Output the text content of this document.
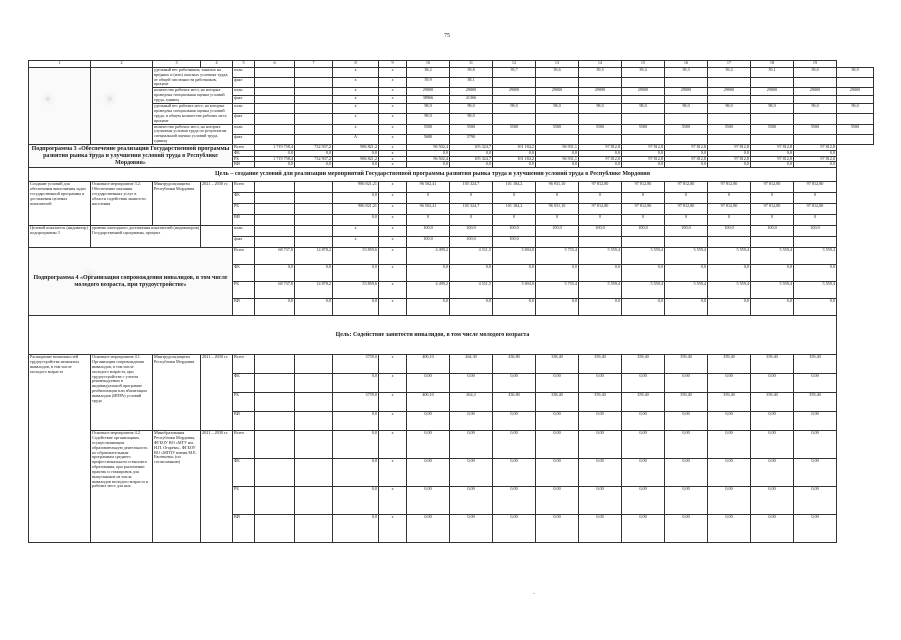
75
1	2	3	4	5	6	7	8	9	10	11	12	13	14	15	16	17	18	19	
		удельный вес работников, занятых на вредных и (или) опасных условиях труда, от общей численности работников, процент		план			x	x	38,2	39,8	39,7	39,6	39,5	39,4	39,3	39,2	39,1	39,0	38,9
				факт			x	x	39,9	38,1									
		количество рабочих мест, на которых проведена специальная оценка условий труда, единиц		план			x	x	29000	29000	29000	29000	29000	29000	29000	29000	29000	29000	29000
				факт			x	x	38966	41366									
		удельный вес рабочих мест, на которых проведена специальная оценка условий труда, в общем количестве рабочих мест, процент		план			x	x	98,0	98,0	98,0	98,0	98,0	98,0	98,0	98,0	98,0	98,0	98,0
				факт			x	x	98,0	98,0									
		количество рабочих мест, на которых улучшены условия труда по результатам специальной оценки условий труда, единиц		план			x	x	5500	5500	5500	5500	5500	5500	5500	5500	5500	5500	5500
				факт			A	x	5680	5790									
Подпрограмма 3 «Обеспечение реализации Государственной программы развития рынка труда и улучшения условий труда в Республике Мордовия»				Всего	1 719 758,4	732 937,2	986 821,2	x	96 502,4	105 324,7	101 184,2	96 931,1	97 812,8	97 812,8	97 812,8	97 812,8	97 812,8	97 812,8	
				ФБ	0,0	0,0	0,0	x	0,0	0,0	0,0	0,0	0,0	0,0	0,0	0,0	0,0	0,0	
				РБ	1 719 758,4	732 937,2	986 821,2	x	96 502,4	105 324,7	101 184,2	96 931,1	97 812,8	97 812,8	97 812,8	97 812,8	97 812,8	97 812,8	
				ВИ	0,0	0,0	0,0	x	0,0	0,0	0,0	0,0	0,0	0,0	0,0	0,0	0,0	0,0	
Цель – создание условий для реализации мероприятий Государственной программы развития рынка труда и улучшения условий труда в Республике Мордовия																			
Создание условий для обеспечения выполнения задач государственной программы и достижения целевых показателей	Основное мероприятие 3.2. Обеспечение оказания государственных услуг в области содействия занятости населения	Минтрудсоцзащиты Республики Мордовия	2021 – 2030 гг.	Всего			986 821,21	x	96 502,41	105 324,7	101 184,2	96 931,10	97 812,80	97 812,80	97 812,80	97 812,80	97 812,80	97 812,80	
				ФБ			0,0	x	0	0	0	0	0	0	0	0	0	0	
				РБ			986 821,21	x	96 502,41	105 324,7	101 184,2	96 931,10	97 812,80	97 812,80	97 812,80	97 812,80	97 812,80	97 812,80	
				ВИ			0,0	x	0	0	0	0	0	0	0	0	0	0	
Целевой показатель (индикатор) подпрограммы 3	уровень ежегодного достижения показателей (индикаторов) Государственной программы, процент			план			x	x	100,0	100,0	100,0	100,0	100,0	100,0	100,0	100,0	100,0	100,0	
				факт			x	x	100,0	100,0	100,0								
Подпрограмма 4 «Организация сопровождения инвалидов, в том числе молодого возраста, при трудоустройстве»				Всего	68 737,8	14 878,2	53 859,6	x	4 499,2	4 511,5	5 694,0	5 755,4	5 559,4	5 559,4	5 559,4	5 559,4	5 559,4	5 559,4	
				ФБ	0,0	0,0	0,0	x	0,0	0,0	0,0	0,0	0,0	0,0	0,0	0,0	0,0	0,0	
				РБ	68 737,8	14 878,2	53 859,6	x	4 499,2	4 511,5	5 694,0	5 755,4	5 559,4	5 559,4	5 559,4	5 559,4	5 559,4	5 559,4	
				ВИ	0,0	0,0	0,0	x	0,0	0,0	0,0	0,0	0,0	0,0	0,0	0,0	0,0	0,0	
Цель: Содействие занятости инвалидов, в том числе молодого возраста																			
Расширение возможностей трудоустройства незанятых инвалидов, в том числе молодого возраста	Основное мероприятие 4.1. Организация сопровождения инвалидов, в том числе молодого возраста, при трудоустройстве с учетом рекомендуемых в индивидуальной программе реабилитации или абилитации инвалидов (ИПРА) условий труда	Минтрудсоцзащиты Республики Мордовия	2021 – 2030 гг.	Всего			3759,0	x	400,10	264,30	436,80	338,40	359,40	359,40	359,40	359,40	359,40	359,40	
				ФБ			0,0	x	0,00	0,00	0,00	0,00	0,00	0,00	0,00	0,00	0,00	0,00	
				РБ			3759,0	x	400,10	264,3	436,80	338,40	359,40	359,40	359,40	359,40	359,40	359,40	
				ВИ			0,0	x	0,00	0,00	0,00	0,00	0,00	0,00	0,00	0,00	0,00	0,00	
	Основное мероприятие 4.2. Содействие организациям, осуществляющим образовательную деятельность по образовательным программам среднего профессионального и высшего образования, при различении практик и стажировок для выпускников из числа инвалидов молодого возраста и рабочих мест для них	Минобразования Республики Мордовия, ФГБОУ ВО «МГУ им. Н.П. Огарёва», ФГБОУ ВО «МГПУ имени М.Е. Евсевьева» (по согласованию)	2021 – 2030 гг.	Всего			0,0	x	0,00	0,00	0,00	0,00	0,00	0,00	0,00	0,00	0,00	0,00	
				ФБ			0,0	x	0,00	0,00	0,00	0,00	0,00	0,00	0,00	0,00	0,00	0,00	
				РБ			0,0	x	0,00	0,00	0,00	0,00	0,00	0,00	0,00	0,00	0,00	0,00	
				ВИ			0,0	x	0,00	0,00	0,00	0,00	0,00	0,00	0,00	0,00	0,00	0,00	
-
